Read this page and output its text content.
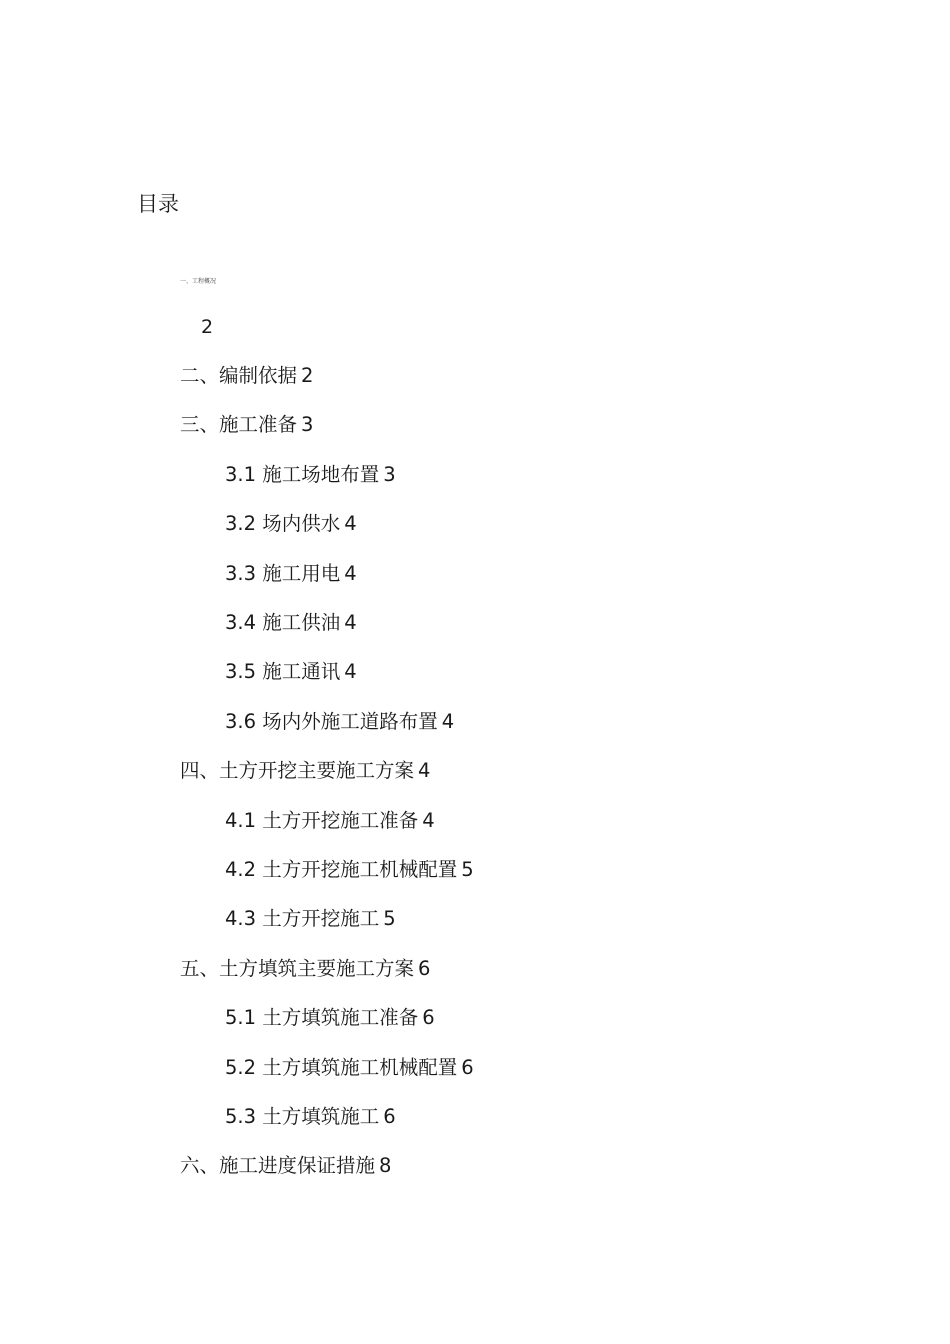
目录
一、工程概况
2
二、编制依据 2
三、施工准备 3
3.1 施工场地布置 3
3.2 场内供水 4
3.3 施工用电 4
3.4 施工供油 4
3.5 施工通讯 4
3.6 场内外施工道路布置 4
四、土方开挖主要施工方案 4
4.1 土方开挖施工准备 4
4.2 土方开挖施工机械配置 5
4.3 土方开挖施工 5
五、土方填筑主要施工方案 6
5.1 土方填筑施工准备 6
5.2 土方填筑施工机械配置 6
5.3 土方填筑施工 6
六、施工进度保证措施 8
